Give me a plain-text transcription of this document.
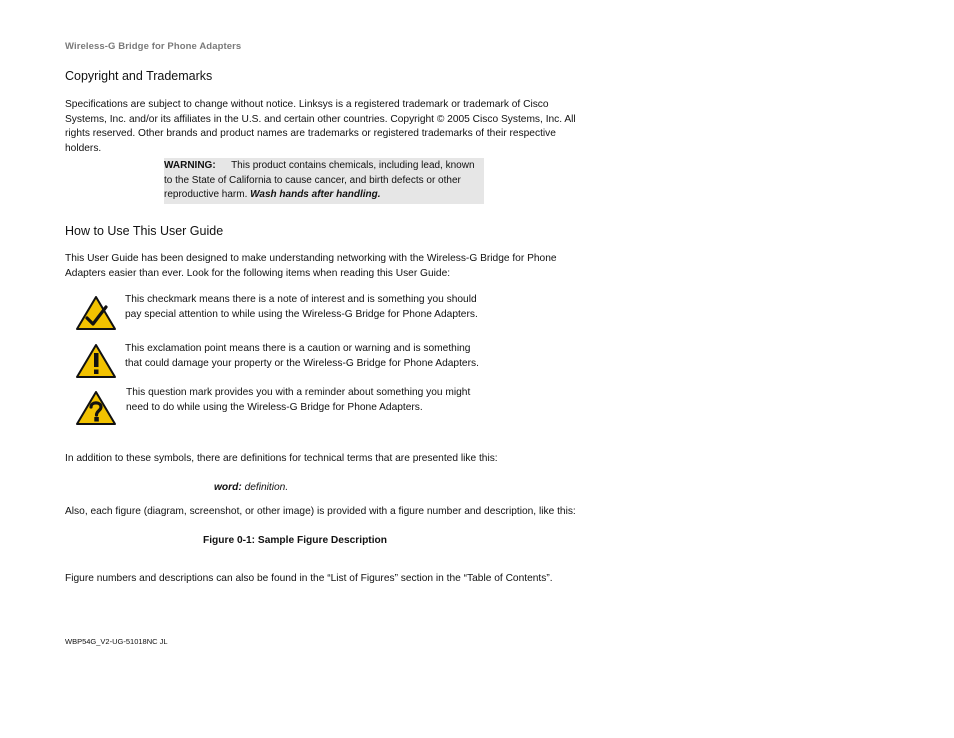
Wireless-G Bridge for Phone Adapters
Copyright and Trademarks

Specifications are subject to change without notice. Linksys is a registered trademark or trademark of Cisco Systems, Inc. and/or its affiliates in the U.S. and certain other countries. Copyright © 2005 Cisco Systems, Inc. All rights reserved. Other brands and product names are trademarks or registered trademarks of their respective holders.

WARNING: This product contains chemicals, including lead, known to the State of California to cause cancer, and birth defects or other reproductive harm. Wash hands after handling.
How to Use This User Guide

This User Guide has been designed to make understanding networking with the Wireless-G Bridge for Phone Adapters easier than ever. Look for the following items when reading this User Guide:

This checkmark means there is a note of interest and is something you should pay special attention to while using the Wireless-G Bridge for Phone Adapters.

This exclamation point means there is a caution or warning and is something that could damage your property or the Wireless-G Bridge for Phone Adapters.

This question mark provides you with a reminder about something you might need to do while using the Wireless-G Bridge for Phone Adapters.

In addition to these symbols, there are definitions for technical terms that are presented like this:

word: definition.

Also, each figure (diagram, screenshot, or other image) is provided with a figure number and description, like this:

Figure 0-1: Sample Figure Description

Figure numbers and descriptions can also be found in the “List of Figures” section in the “Table of Contents”.

WBP54G_V2-UG-51018NC JL
